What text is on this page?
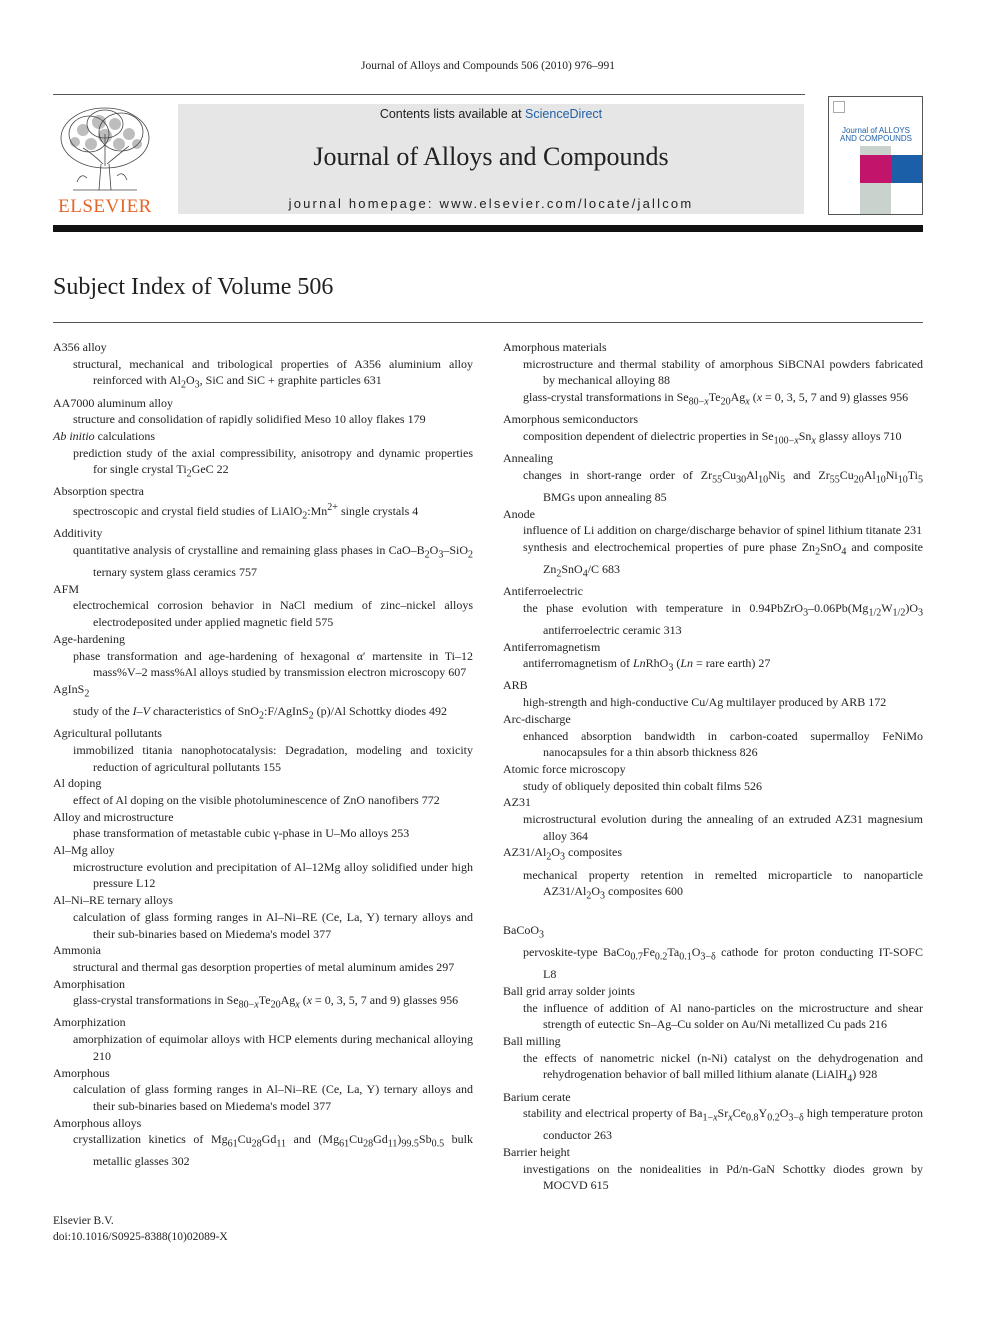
Journal of Alloys and Compounds 506 (2010) 976–991
ELSEVIER
Contents lists available at ScienceDirect
Journal of Alloys and Compounds
journal homepage: www.elsevier.com/locate/jallcom
Journal of ALLOYS AND COMPOUNDS
Subject Index of Volume 506

A356 alloy

structural, mechanical and tribological properties of A356 aluminium alloy reinforced with $Al_2O_3$, SiC and SiC + graphite particles 631

AA7000 aluminum alloy

structure and consolidation of rapidly solidified Meso 10 alloy flakes 179

Ab initio calculations

prediction study of the axial compressibility, anisotropy and dynamic properties for single crystal $Ti_2GeC$ 22

Absorption spectra

spectroscopic and crystal field studies of $LiAlO_2:Mn^{2+}$ single crystals 4

Additivity

quantitative analysis of crystalline and remaining glass phases in CaO–$B_2O_3-SiO_2$ ternary system glass ceramics 757

AFM

electrochemical corrosion behavior in NaCl medium of zinc–nickel alloys electrodeposited under applied magnetic field 575

Age-hardening

phase transformation and age-hardening of hexagonal α′ martensite in Ti–12 mass%V–2 mass%Al alloys studied by transmission electron microscopy 607

AgInS$_2$

study of the I–V characteristics of SnO$_2$:F/AgInS$_2$ (p)/Al Schottky diodes 492

Agricultural pollutants

immobilized titania nanophotocatalysis: Degradation, modeling and toxicity reduction of agricultural pollutants 155

Al doping

effect of Al doping on the visible photoluminescence of ZnO nanofibers 772

Alloy and microstructure

phase transformation of metastable cubic γ-phase in U–Mo alloys 253

Al–Mg alloy

microstructure evolution and precipitation of Al–12Mg alloy solidified under high pressure L12

Al–Ni–RE ternary alloys

calculation of glass forming ranges in Al–Ni–RE (Ce, La, Y) ternary alloys and their sub-binaries based on Miedema's model 377

Ammonia

structural and thermal gas desorption properties of metal aluminum amides 297

Amorphisation

glass-crystal transformations in $Se_{80-x}Te_{20}Ag_x$ (x = 0, 3, 5, 7 and 9) glasses 956

Amorphization

amorphization of equimolar alloys with HCP elements during mechanical alloying 210

Amorphous

calculation of glass forming ranges in Al–Ni–RE (Ce, La, Y) ternary alloys and their sub-binaries based on Miedema's model 377

Amorphous alloys

crystallization kinetics of $Mg_{61}Cu_{28}Gd_{11}$ and $(Mg_{61}Cu_{28}Gd_{11})_{99.5}Sb_{0.5}$ bulk metallic glasses 302

Amorphous materials

microstructure and thermal stability of amorphous SiBCNAl powders fabricated by mechanical alloying 88

glass-crystal transformations in $Se_{80-x}Te_{20}Ag_x$ (x = 0, 3, 5, 7 and 9) glasses 956

Amorphous semiconductors

composition dependent of dielectric properties in $Se_{100-x}Sn_x$ glassy alloys 710

Annealing

changes in short-range order of $Zr_{55}Cu_{30}Al_{10}Ni_5$ and $Zr_{55}Cu_{20}Al_{10}Ni_{10}Ti_5$ BMGs upon annealing 85

Anode

influence of Li addition on charge/discharge behavior of spinel lithium titanate 231

synthesis and electrochemical properties of pure phase $Zn_2SnO_4$ and composite $Zn_2SnO_4/C$ 683

Antiferroelectric

the phase evolution with temperature in $0.94PbZrO_3-0.06Pb(Mg_{1/2}W_{1/2})O_3$ antiferroelectric ceramic 313

Antiferromagnetism

antiferromagnetism of LnRhO$_3$ (Ln = rare earth) 27

ARB

high-strength and high-conductive Cu/Ag multilayer produced by ARB 172

Arc-discharge

enhanced absorption bandwidth in carbon-coated supermalloy FeNiMo nanocapsules for a thin absorb thickness 826

Atomic force microscopy

study of obliquely deposited thin cobalt films 526

AZ31

microstructural evolution during the annealing of an extruded AZ31 magnesium alloy 364

$AZ31/Al_2O_3$ composites

mechanical property retention in remelted microparticle to nanoparticle $AZ31/Al_2O_3$ composites 600

BaCoO$_3$

pervoskite-type $BaCo_{0.7}Fe_{0.2}Ta_{0.1}O_{3-\delta}$ cathode for proton conducting IT-SOFC L8

Ball grid array solder joints

the influence of addition of Al nano-particles on the microstructure and shear strength of eutectic Sn–Ag–Cu solder on Au/Ni metallized Cu pads 216

Ball milling

the effects of nanometric nickel (n-Ni) catalyst on the dehydrogenation and rehydrogenation behavior of ball milled lithium alanate (LiAlH$_4$) 928

Barium cerate

stability and electrical property of $Ba_{1-x}Sr_xCe_{0.8}Y_{0.2}O_{3-\delta}$ high temperature proton conductor 263

Barrier height

investigations on the nonidealities in Pd/n-GaN Schottky diodes grown by MOCVD 615

Elsevier B.V.
doi:10.1016/S0925-8388(10)02089-X
